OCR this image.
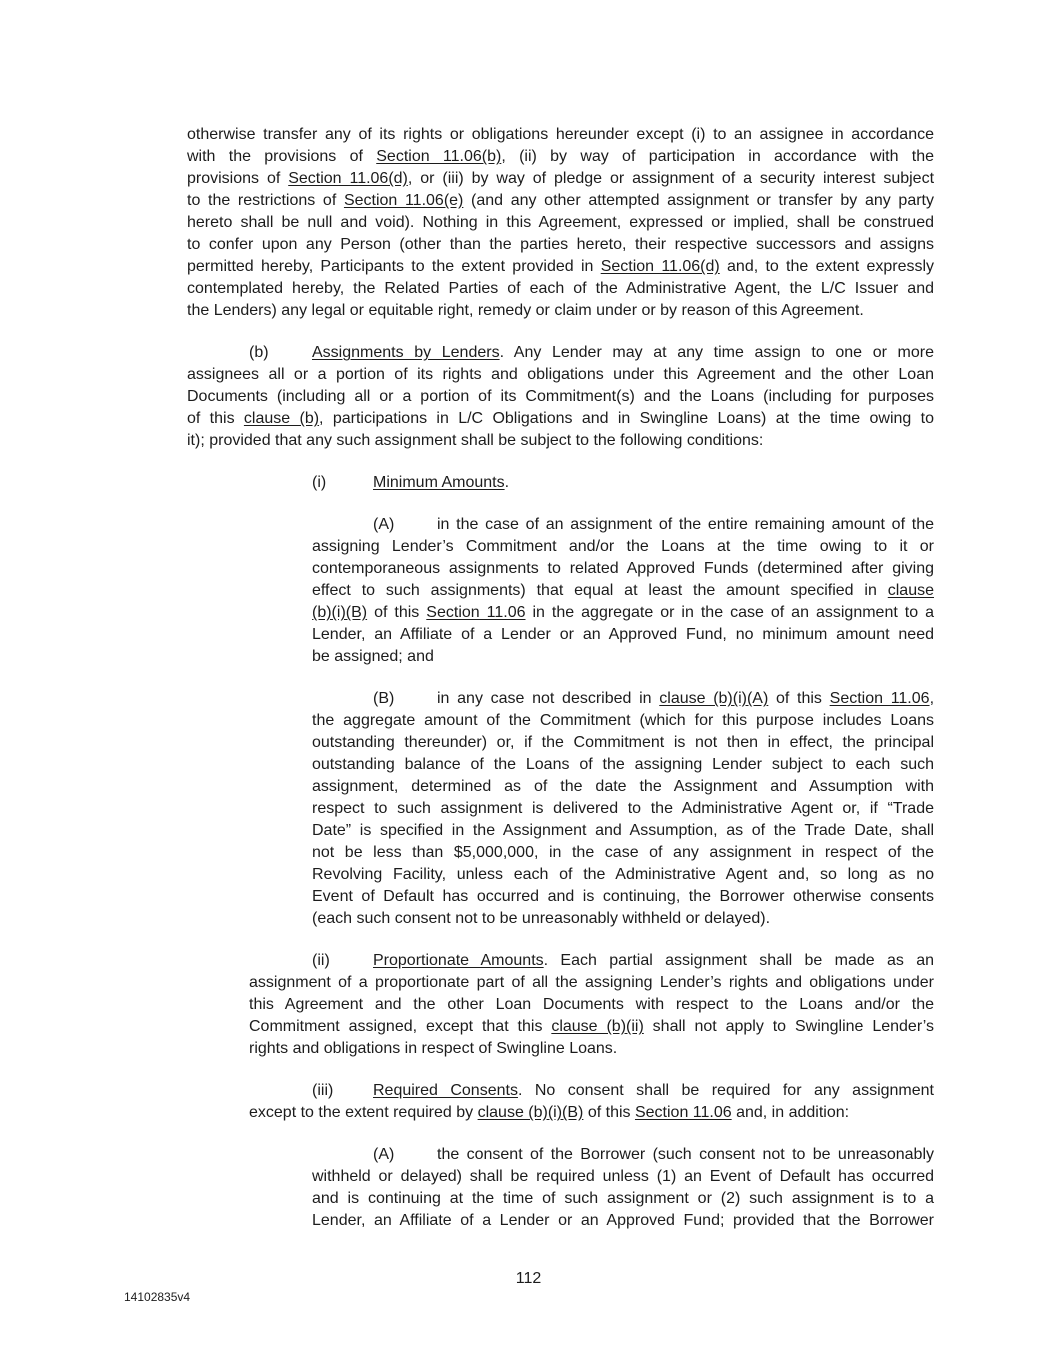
otherwise transfer any of its rights or obligations hereunder except (i) to an assignee in accordance
with the provisions of Section 11.06(b), (ii) by way of participation in accordance with the
provisions of Section 11.06(d), or (iii) by way of pledge or assignment of a security interest subject
to the restrictions of Section 11.06(e) (and any other attempted assignment or transfer by any party
hereto shall be null and void). Nothing in this Agreement, expressed or implied, shall be construed
to confer upon any Person (other than the parties hereto, their respective successors and assigns
permitted hereby, Participants to the extent provided in Section 11.06(d) and, to the extent expressly
contemplated hereby, the Related Parties of each of the Administrative Agent, the L/C Issuer and
the Lenders) any legal or equitable right, remedy or claim under or by reason of this Agreement.
(b)	Assignments by Lenders. Any Lender may at any time assign to one or more
assignees all or a portion of its rights and obligations under this Agreement and the other Loan
Documents (including all or a portion of its Commitment(s) and the Loans (including for purposes
of this clause (b), participations in L/C Obligations and in Swingline Loans) at the time owing to
it); provided that any such assignment shall be subject to the following conditions:
(i)	Minimum Amounts.
(A)	in the case of an assignment of the entire remaining amount of the
assigning Lender’s Commitment and/or the Loans at the time owing to it or
contemporaneous assignments to related Approved Funds (determined after giving
effect to such assignments) that equal at least the amount specified in clause
(b)(i)(B) of this Section 11.06 in the aggregate or in the case of an assignment to a
Lender, an Affiliate of a Lender or an Approved Fund, no minimum amount need
be assigned; and
(B)	in any case not described in clause (b)(i)(A) of this Section 11.06,
the aggregate amount of the Commitment (which for this purpose includes Loans
outstanding thereunder) or, if the Commitment is not then in effect, the principal
outstanding balance of the Loans of the assigning Lender subject to each such
assignment, determined as of the date the Assignment and Assumption with
respect to such assignment is delivered to the Administrative Agent or, if “Trade
Date” is specified in the Assignment and Assumption, as of the Trade Date, shall
not be less than $5,000,000, in the case of any assignment in respect of the
Revolving Facility, unless each of the Administrative Agent and, so long as no
Event of Default has occurred and is continuing, the Borrower otherwise consents
(each such consent not to be unreasonably withheld or delayed).
(ii)	Proportionate Amounts. Each partial assignment shall be made as an
assignment of a proportionate part of all the assigning Lender’s rights and obligations under
this Agreement and the other Loan Documents with respect to the Loans and/or the
Commitment assigned, except that this clause (b)(ii) shall not apply to Swingline Lender’s
rights and obligations in respect of Swingline Loans.
(iii) Required Consents. No consent shall be required for any assignment
except to the extent required by clause (b)(i)(B) of this Section 11.06 and, in addition:
(A)	the consent of the Borrower (such consent not to be unreasonably
withheld or delayed) shall be required unless (1) an Event of Default has occurred
and is continuing at the time of such assignment or (2) such assignment is to a
Lender, an Affiliate of a Lender or an Approved Fund; provided that the Borrower
112
14102835v4
